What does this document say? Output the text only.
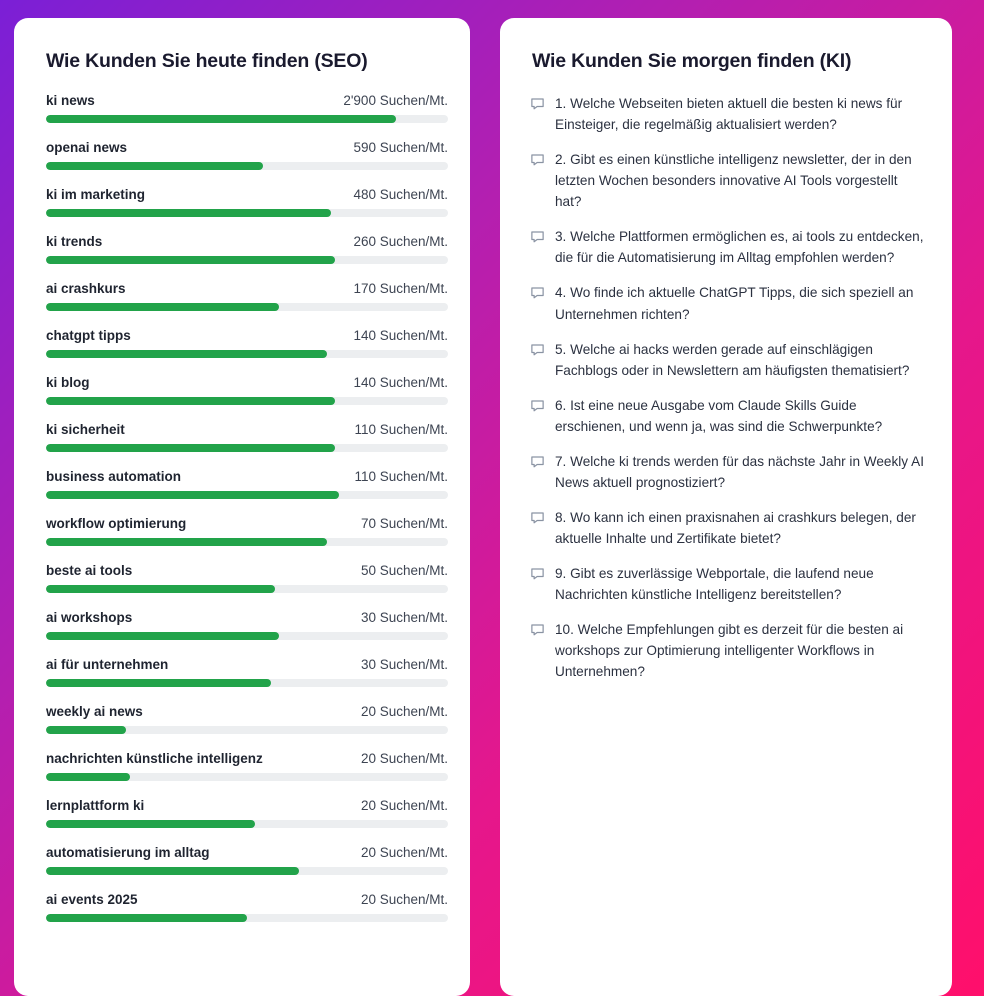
Wie Kunden Sie heute finden (SEO)
ki news	2'900 Suchen/Mt.
openai news	590 Suchen/Mt.
ki im marketing	480 Suchen/Mt.
ki trends	260 Suchen/Mt.
ai crashkurs	170 Suchen/Mt.
chatgpt tipps	140 Suchen/Mt.
ki blog	140 Suchen/Mt.
ki sicherheit	110 Suchen/Mt.
business automation	110 Suchen/Mt.
workflow optimierung	70 Suchen/Mt.
beste ai tools	50 Suchen/Mt.
ai workshops	30 Suchen/Mt.
ai für unternehmen	30 Suchen/Mt.
weekly ai news	20 Suchen/Mt.
nachrichten künstliche intelligenz	20 Suchen/Mt.
lernplattform ki	20 Suchen/Mt.
automatisierung im alltag	20 Suchen/Mt.
ai events 2025	20 Suchen/Mt.
Wie Kunden Sie morgen finden (KI)
1. Welche Webseiten bieten aktuell die besten ki news für Einsteiger, die regelmäßig aktualisiert werden?
2. Gibt es einen künstliche intelligenz newsletter, der in den letzten Wochen besonders innovative AI Tools vorgestellt hat?
3. Welche Plattformen ermöglichen es, ai tools zu entdecken, die für die Automatisierung im Alltag empfohlen werden?
4. Wo finde ich aktuelle ChatGPT Tipps, die sich speziell an Unternehmen richten?
5. Welche ai hacks werden gerade auf einschlägigen Fachblogs oder in Newslettern am häufigsten thematisiert?
6. Ist eine neue Ausgabe vom Claude Skills Guide erschienen, und wenn ja, was sind die Schwerpunkte?
7. Welche ki trends werden für das nächste Jahr in Weekly AI News aktuell prognostiziert?
8. Wo kann ich einen praxisnahen ai crashkurs belegen, der aktuelle Inhalte und Zertifikate bietet?
9. Gibt es zuverlässige Webportale, die laufend neue Nachrichten künstliche Intelligenz bereitstellen?
10. Welche Empfehlungen gibt es derzeit für die besten ai workshops zur Optimierung intelligenter Workflows in Unternehmen?
